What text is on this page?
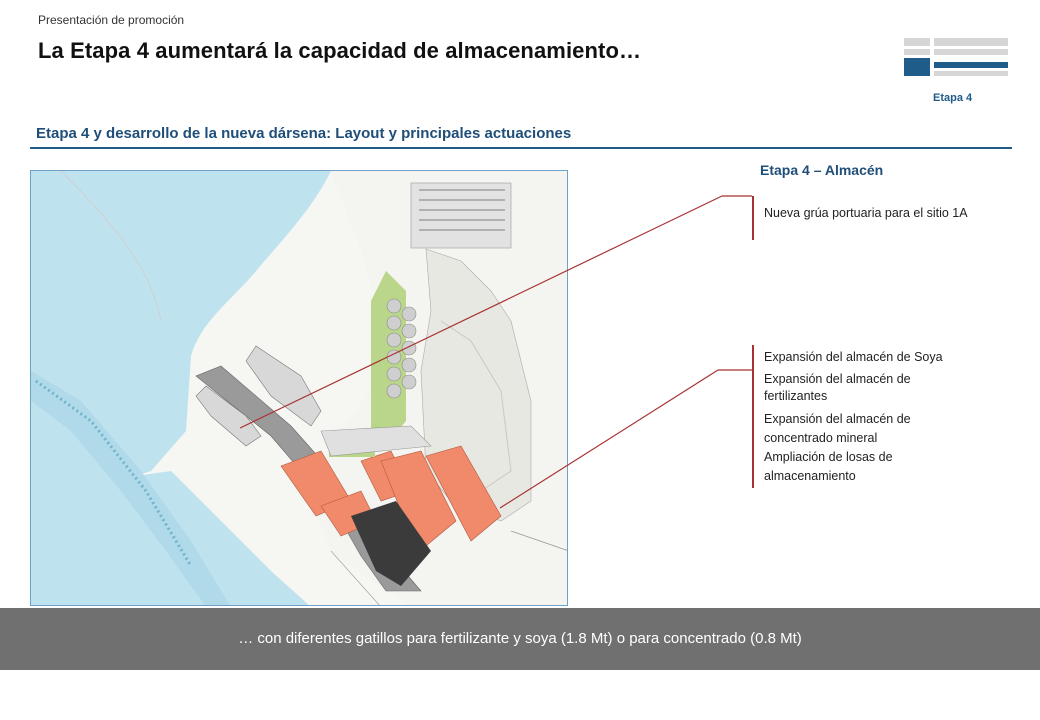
Presentación de promoción
La Etapa 4 aumentará la capacidad de almacenamiento…
Etapa 4
Etapa 4 y desarrollo de la nueva dársena: Layout y principales actuaciones
Etapa 4 – Almacén
Nueva grúa portuaria para el sitio 1A
Expansión del almacén de Soya
Expansión del almacén de fertilizantes
Expansión del almacén de concentrado mineral
Ampliación de losas de almacenamiento
… con diferentes gatillos para fertilizante y soya (1.8 Mt) o para concentrado (0.8 Mt)
